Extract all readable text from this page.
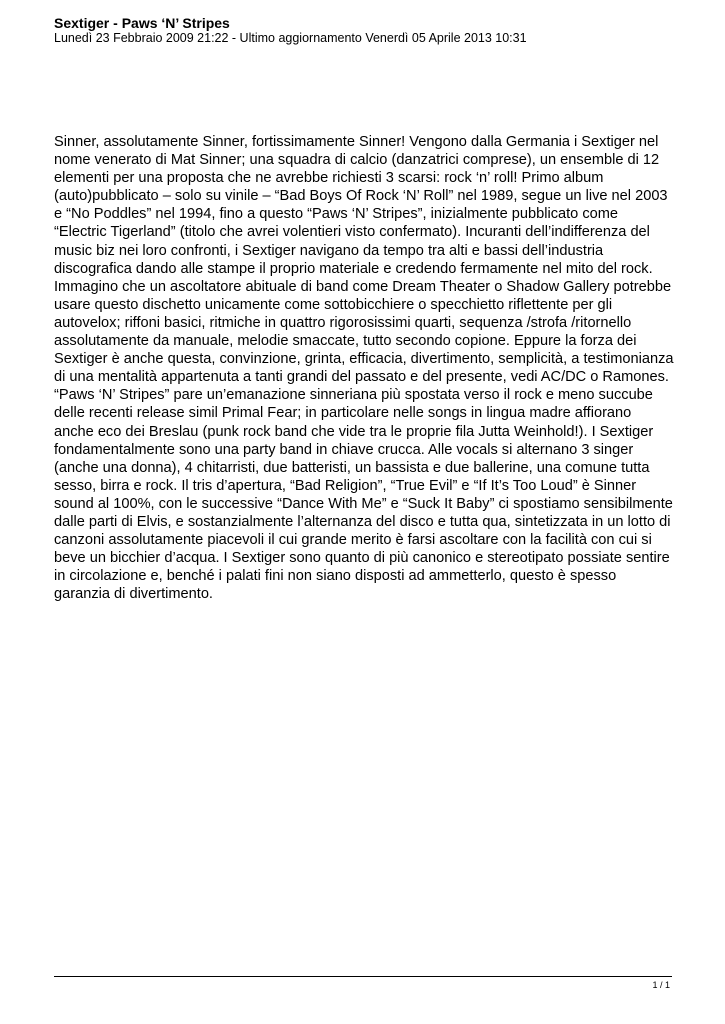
Sextiger - Paws ‘N’ Stripes

Lunedì 23 Febbraio 2009 21:22 - Ultimo aggiornamento Venerdì 05 Aprile 2013 10:31

Sinner, assolutamente Sinner, fortissimamente Sinner! Vengono dalla Germania i Sextiger nel
nome venerato di Mat Sinner; una squadra di calcio (danzatrici comprese), un ensemble di 12
elementi per una proposta che ne avrebbe richiesti 3 scarsi: rock ‘n’ roll! Primo album
(auto)pubblicato – solo su vinile – “Bad Boys Of Rock ‘N’ Roll” nel 1989, segue un live nel 2003
e “No Poddles” nel 1994, fino a questo “Paws ‘N’ Stripes”, inizialmente pubblicato come
“Electric Tigerland” (titolo che avrei volentieri visto confermato). Incuranti dell’indifferenza del
music biz nei loro confronti, i Sextiger navigano da tempo tra alti e bassi dell’industria
discografica dando alle stampe il proprio materiale e credendo fermamente nel mito del rock.
Immagino che un ascoltatore abituale di band come Dream Theater o Shadow Gallery potrebbe
usare questo dischetto unicamente come sottobicchiere o specchietto riflettente per gli
autovelox; riffoni basici, ritmiche in quattro rigorosissimi quarti, sequenza /strofa /ritornello
assolutamente da manuale, melodie smaccate, tutto secondo copione. Eppure la forza dei
Sextiger è anche questa, convinzione, grinta, efficacia, divertimento, semplicità, a testimonianza
di una mentalità appartenuta a tanti grandi del passato e del presente, vedi AC/DC o Ramones.
“Paws ‘N’ Stripes” pare un’emanazione sinneriana più spostata verso il rock e meno succube
delle recenti release simil Primal Fear; in particolare nelle songs in lingua madre affiorano
anche eco dei Breslau (punk rock band che vide tra le proprie fila Jutta Weinhold!). I Sextiger
fondamentalmente sono una party band in chiave crucca. Alle vocals si alternano 3 singer
(anche una donna), 4 chitarristi, due batteristi, un bassista e due ballerine, una comune tutta
sesso, birra e rock. Il tris d’apertura, “Bad Religion”, “True Evil” e “If It’s Too Loud” è Sinner
sound al 100%, con le successive “Dance With Me” e “Suck It Baby” ci spostiamo sensibilmente
dalle parti di Elvis, e sostanzialmente l’alternanza del disco e tutta qua, sintetizzata in un lotto di
canzoni assolutamente piacevoli il cui grande merito è farsi ascoltare con la facilità con cui si
beve un bicchier d’acqua. I Sextiger sono quanto di più canonico e stereotipato possiate sentire
in circolazione e, benché i palati fini non siano disposti ad ammetterlo, questo è spesso
garanzia di divertimento.

1 / 1
